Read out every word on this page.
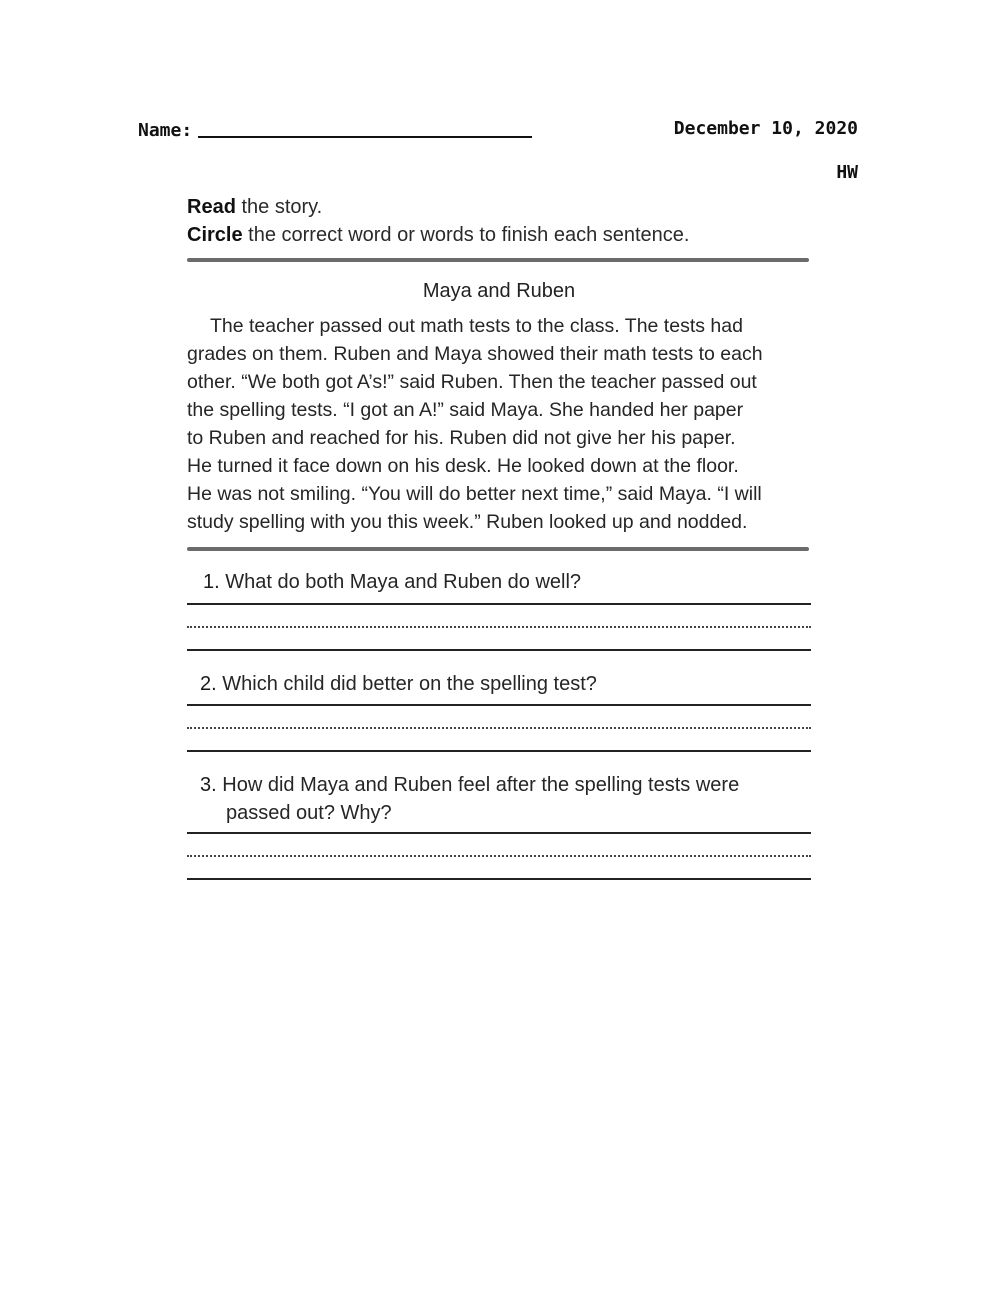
Name:	December 10, 2020
HW
Read the story.
Circle the correct word or words to finish each sentence.
Maya and Ruben
The teacher passed out math tests to the class. The tests had
grades on them. Ruben and Maya showed their math tests to each
other. “We both got A’s!” said Ruben. Then the teacher passed out
the spelling tests. “I got an A!” said Maya. She handed her paper
to Ruben and reached for his. Ruben did not give her his paper.
He turned it face down on his desk. He looked down at the floor.
He was not smiling. “You will do better next time,” said Maya. “I will
study spelling with you this week.” Ruben looked up and nodded.
1. What do both Maya and Ruben do well?
2. Which child did better on the spelling test?
3. How did Maya and Ruben feel after the spelling tests were
passed out? Why?
